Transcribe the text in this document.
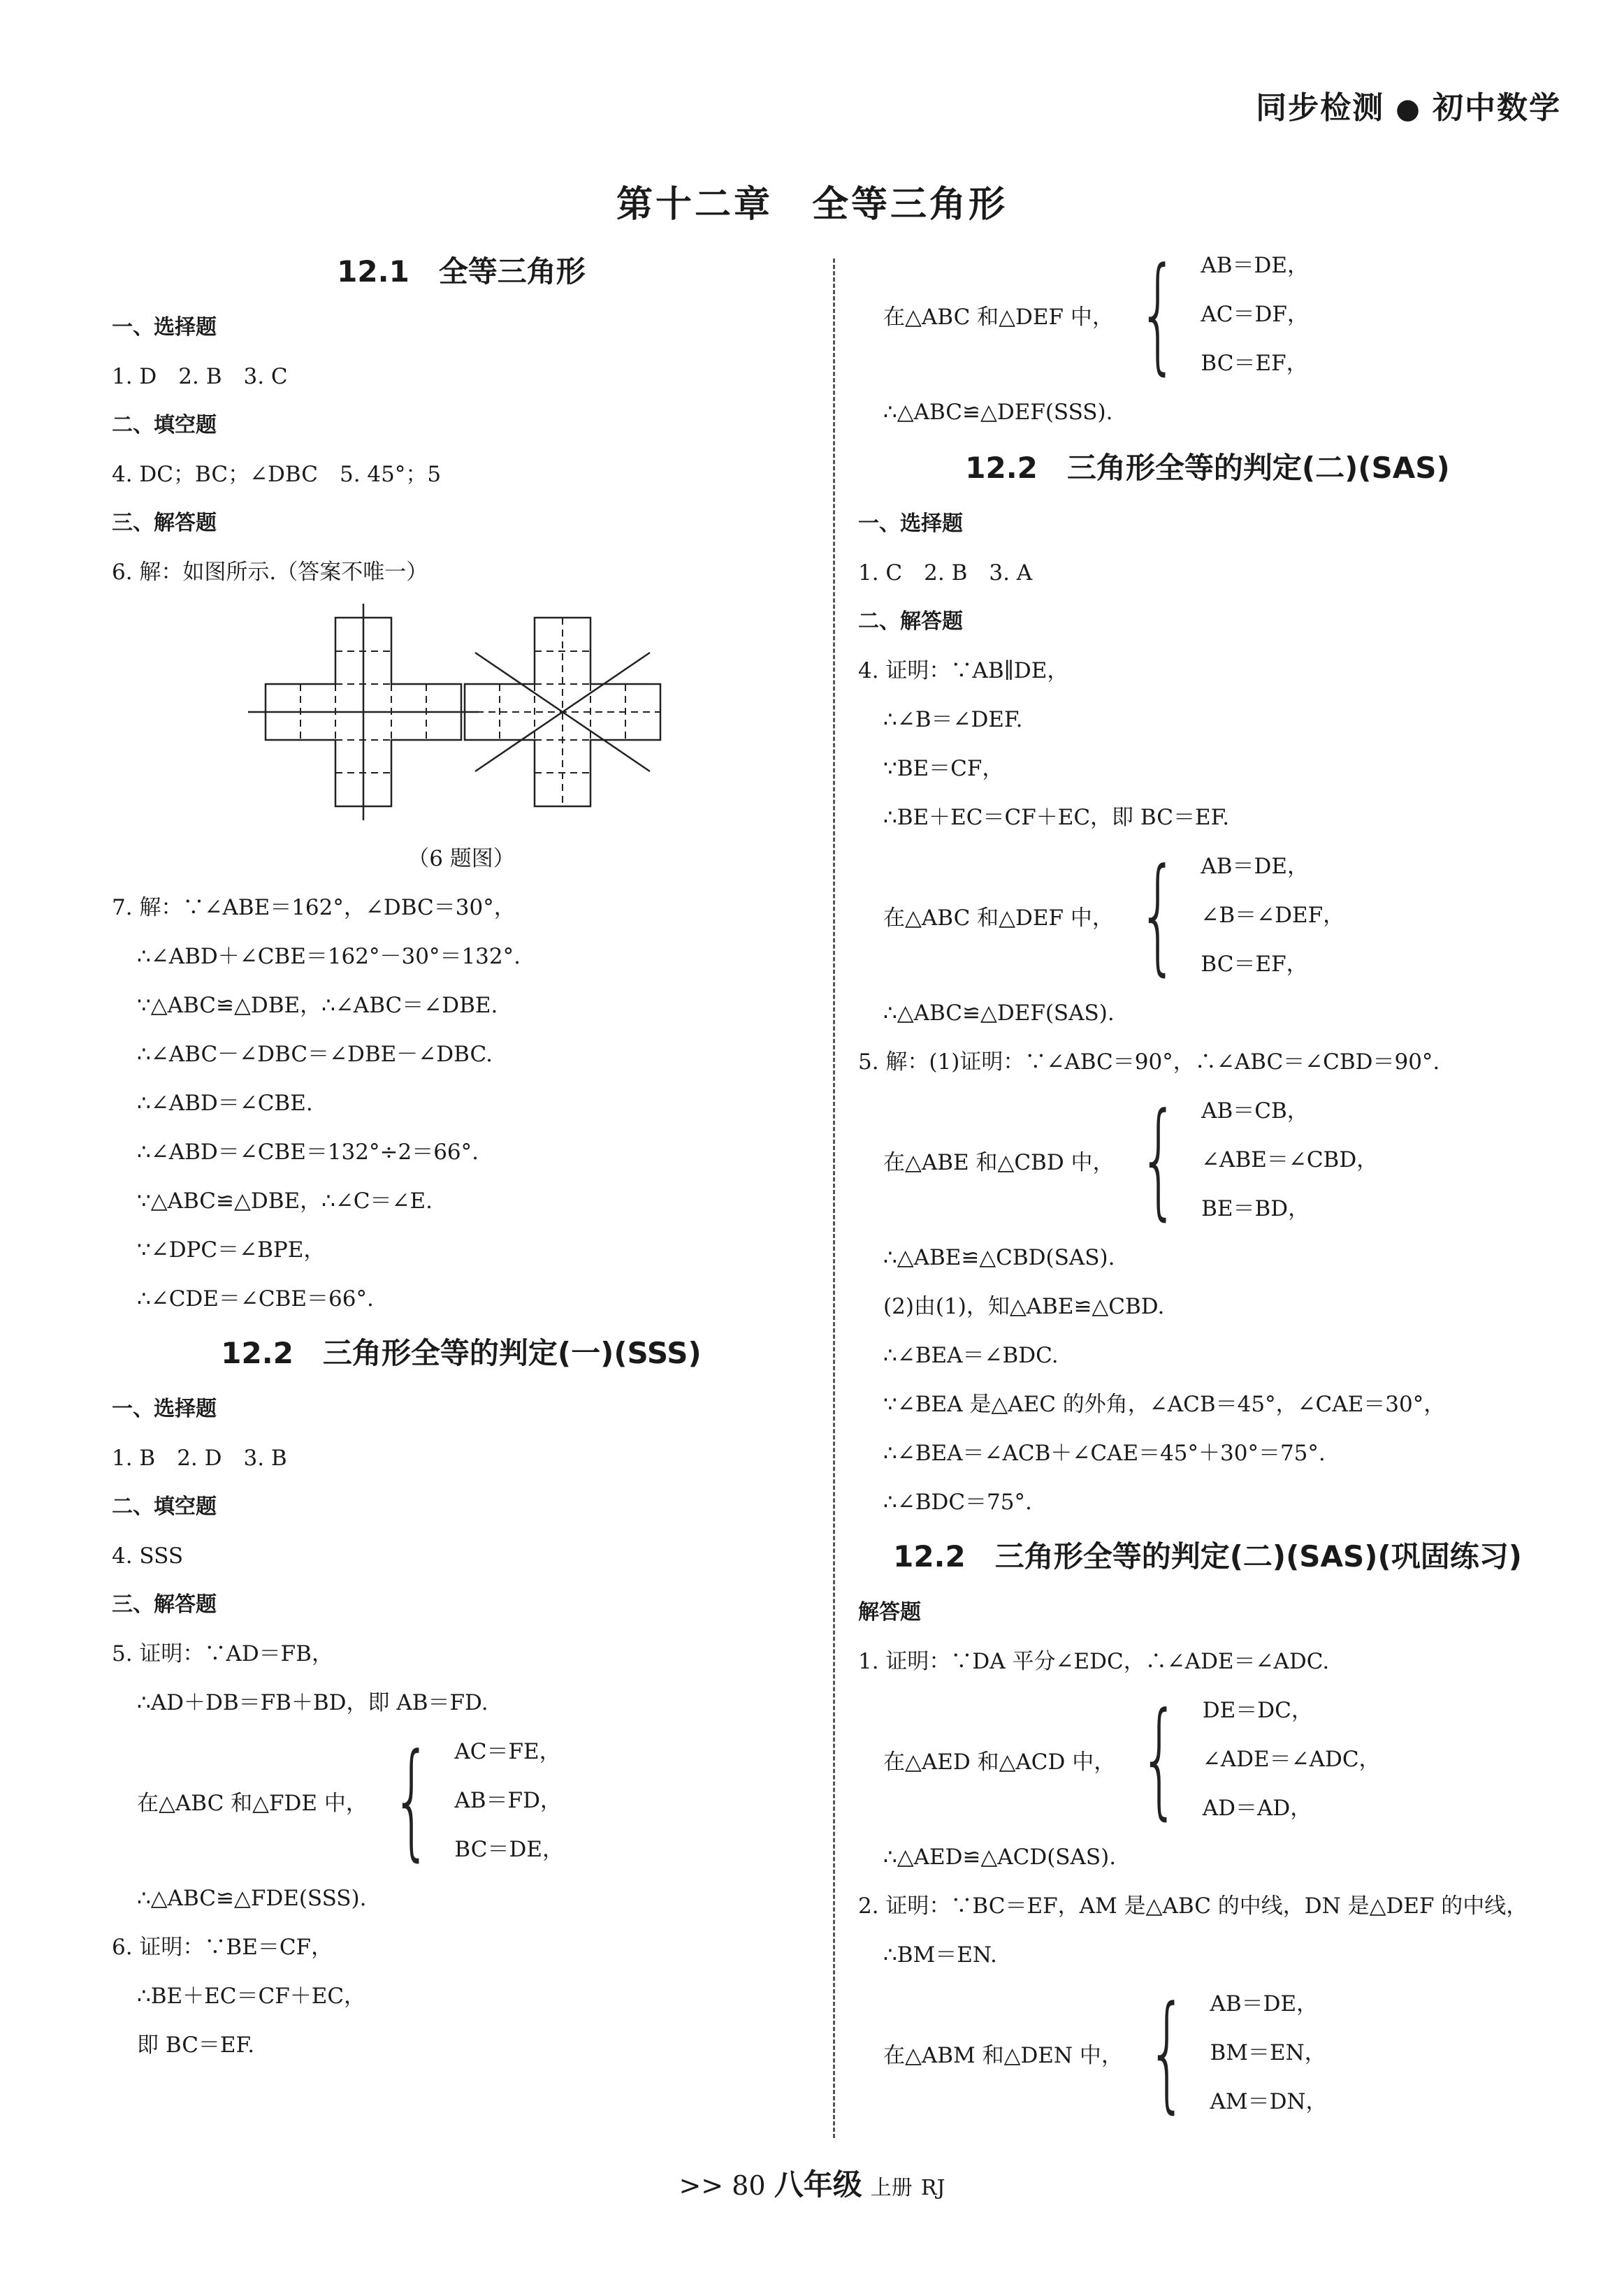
同步检测 ● 初中数学
第十二章　全等三角形
12.1　全等三角形
一、选择题
1. D　2. B　3. C
二、填空题
4. DC；BC；∠DBC　5. 45°；5
三、解答题
6. 解：如图所示.（答案不唯一）
（6 题图）
7. 解：∵∠ABE＝162°，∠DBC＝30°，
∴∠ABD＋∠CBE＝162°－30°＝132°.
∵△ABC≌△DBE，∴∠ABC＝∠DBE.
∴∠ABC－∠DBC＝∠DBE－∠DBC.
∴∠ABD＝∠CBE.
∴∠ABD＝∠CBE＝132°÷2＝66°.
∵△ABC≌△DBE，∴∠C＝∠E.
∵∠DPC＝∠BPE，
∴∠CDE＝∠CBE＝66°.
12.2　三角形全等的判定(一)(SSS)
一、选择题
1. B　2. D　3. B
二、填空题
4. SSS
三、解答题
5. 证明：∵AD＝FB，
∴AD＋DB＝FB＋BD，即 AB＝FD.
在△ABC 和△FDE 中， { AC＝FE，
AB＝FD，
BC＝DE，
∴△ABC≌△FDE(SSS).
6. 证明：∵BE＝CF，
∴BE＋EC＝CF＋EC，
即 BC＝EF.
在△ABC 和△DEF 中， { AB＝DE，
AC＝DF，
BC＝EF，
∴△ABC≌△DEF(SSS).
12.2　三角形全等的判定(二)(SAS)
一、选择题
1. C　2. B　3. A
二、解答题
4. 证明：∵AB∥DE，
∴∠B＝∠DEF.
∵BE＝CF，
∴BE＋EC＝CF＋EC，即 BC＝EF.
在△ABC 和△DEF 中， { AB＝DE，
∠B＝∠DEF，
BC＝EF，
∴△ABC≌△DEF(SAS).
5. 解：(1)证明：∵∠ABC＝90°，∴∠ABC＝∠CBD＝90°.
在△ABE 和△CBD 中， { AB＝CB，
∠ABE＝∠CBD，
BE＝BD，
∴△ABE≌△CBD(SAS).
(2)由(1)，知△ABE≌△CBD.
∴∠BEA＝∠BDC.
∵∠BEA 是△AEC 的外角，∠ACB＝45°，∠CAE＝30°，
∴∠BEA＝∠ACB＋∠CAE＝45°＋30°＝75°.
∴∠BDC＝75°.
12.2　三角形全等的判定(二)(SAS)(巩固练习)
解答题
1. 证明：∵DA 平分∠EDC，∴∠ADE＝∠ADC.
在△AED 和△ACD 中， { DE＝DC，
∠ADE＝∠ADC，
AD＝AD，
∴△AED≌△ACD(SAS).
2. 证明：∵BC＝EF，AM 是△ABC 的中线，DN 是△DEF 的中线，
∴BM＝EN.
在△ABM 和△DEN 中， { AB＝DE，
BM＝EN，
AM＝DN，
>> 80 八年级 上册 RJ
